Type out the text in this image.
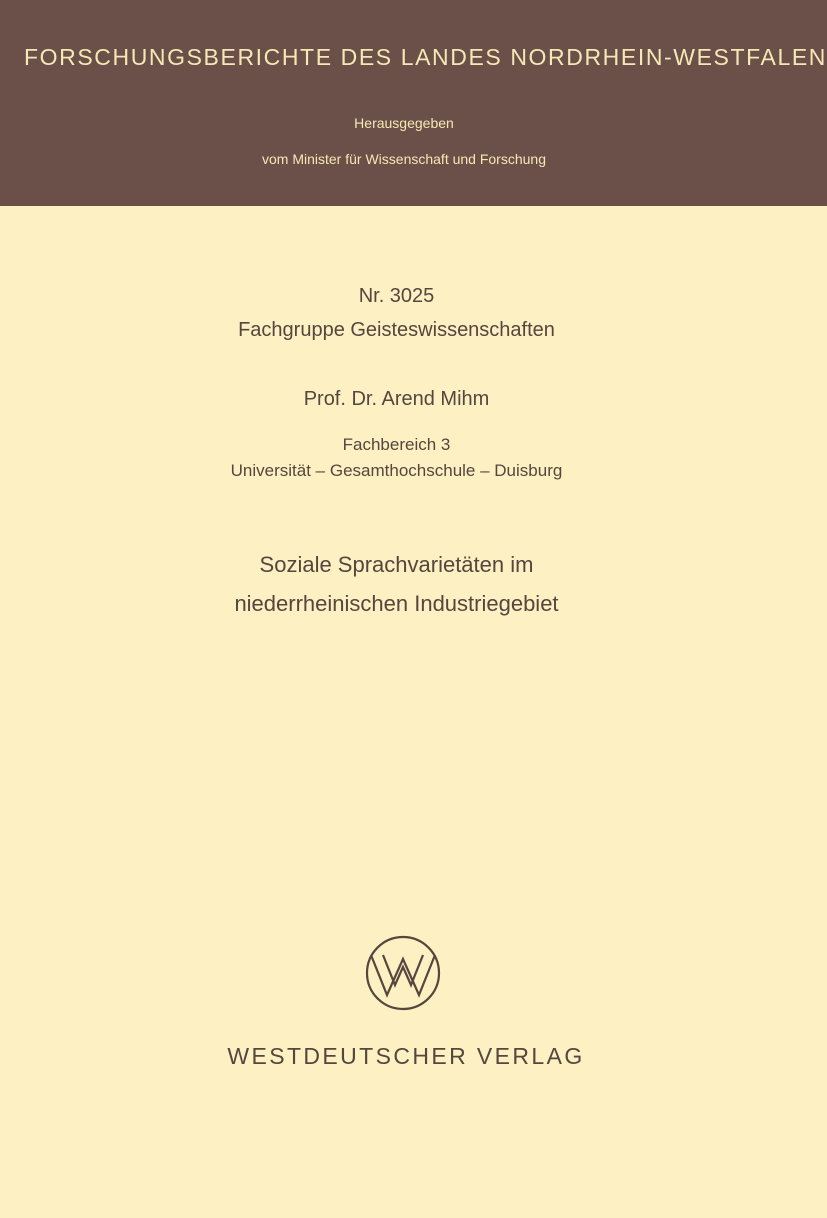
FORSCHUNGSBERICHTE DES LANDES NORDRHEIN-WESTFALEN
Herausgegeben
vom Minister für Wissenschaft und Forschung
Nr. 3025
Fachgruppe Geisteswissenschaften
Prof. Dr. Arend Mihm
Fachbereich 3
Universität – Gesamthochschule – Duisburg
Soziale Sprachvarietäten im
niederrheinischen Industriegebiet
WESTDEUTSCHER VERLAG
